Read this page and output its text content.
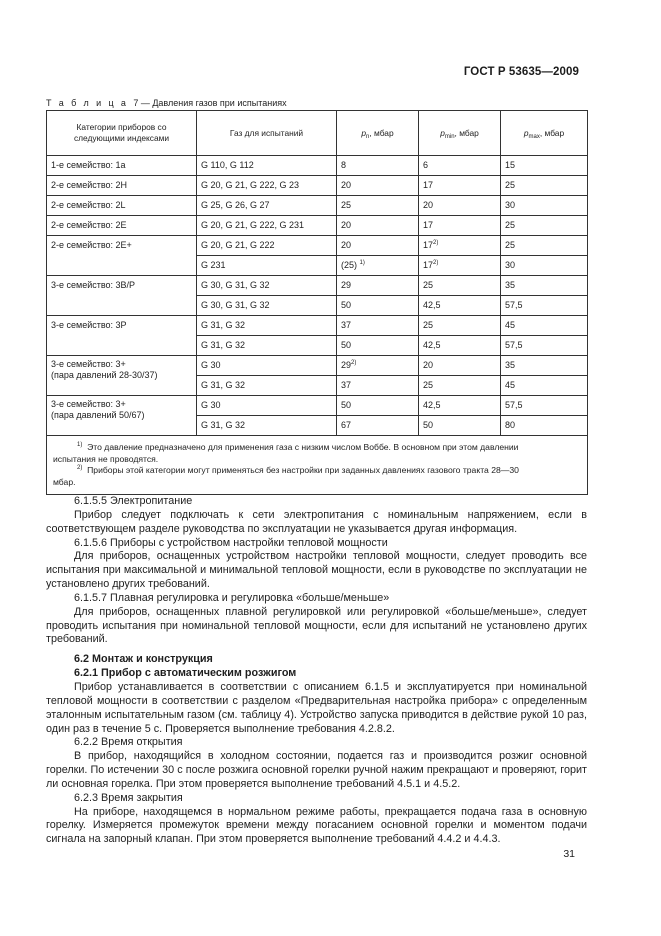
ГОСТ Р 53635—2009
Т а б л и ц а  7 — Давления газов при испытаниях
Категории приборов со следующими индексами	Газ для испытаний	$p_n$, мбар	$p_{min}$, мбар	$p_{max}$, мбар
1-е семейство: 1а	G 110, G 112	8	6	15
2-е семейство: 2H	G 20, G 21, G 222, G 23	20	17	25
2-е семейство: 2L	G 25, G 26, G 27	25	20	30
2-е семейство: 2Е	G 20, G 21, G 222, G 231	20	17	25
2-е семейство: 2Е+	G 20, G 21, G 222	20	17$^{2)}$	25
	G 231	(25) $^{1)}$	17$^{2)}$	30
3-е семейство: 3В/Р	G 30, G 31, G 32	29	25	35
	G 30, G 31, G 32	50	42,5	57,5
3-е семейство: 3Р	G 31, G 32	37	25	45
	G 31, G 32	50	42,5	57,5

3-е семейство: 3+
(пара давлений 28-30/37)	G 30	29$^{2)}$	20	35
	G 31, G 32	37	25	45

3-е семейство: 3+
(пара давлений 50/67)	G 30	50	42,5	57,5
	G 31, G 32	67	50	80

$^{1)}$ Это давление предназначено для применения газа с низким числом Воббе. В основном при этом давлении
испытания не проводятся.
$^{2)}$ Приборы этой категории могут применяться без настройки при заданных давлениях газового тракта 28—30
мбар.				

6.1.5.5 Электропитание

Прибор следует подключать к сети электропитания с номинальным напряжением, если в соответствующем разделе руководства по эксплуатации не указывается другая информация.

6.1.5.6 Приборы с устройством настройки тепловой мощности

Для приборов, оснащенных устройством настройки тепловой мощности, следует проводить все испытания при максимальной и минимальной тепловой мощности, если в руководстве по эксплуатации не установлено других требований.

6.1.5.7 Плавная регулировка и регулировка «больше/меньше»

Для приборов, оснащенных плавной регулировкой или регулировкой «больше/меньше», следует проводить испытания при номинальной тепловой мощности, если для испытаний не установлено других требований.

6.2 Монтаж и конструкция

6.2.1 Прибор с автоматическим розжигом

Прибор устанавливается в соответствии с описанием 6.1.5 и эксплуатируется при номинальной тепловой мощности в соответствии с разделом «Предварительная настройка прибора» с определенным эталонным испытательным газом (см. таблицу 4). Устройство запуска приводится в действие рукой 10 раз, один раз в течение 5 с. Проверяется выполнение требования 4.2.8.2.

6.2.2 Время открытия

В прибор, находящийся в холодном состоянии, подается газ и производится розжиг основной горелки. По истечении 30 с после розжига основной горелки ручной нажим прекращают и проверяют, горит ли основная горелка. При этом проверяется выполнение требований 4.5.1 и 4.5.2.

6.2.3 Время закрытия

На приборе, находящемся в нормальном режиме работы, прекращается подача газа в основную горелку. Измеряется промежуток времени между погасанием основной горелки и моментом подачи сигнала на запорный клапан. При этом проверяется выполнение требований 4.4.2 и 4.4.3.

31
